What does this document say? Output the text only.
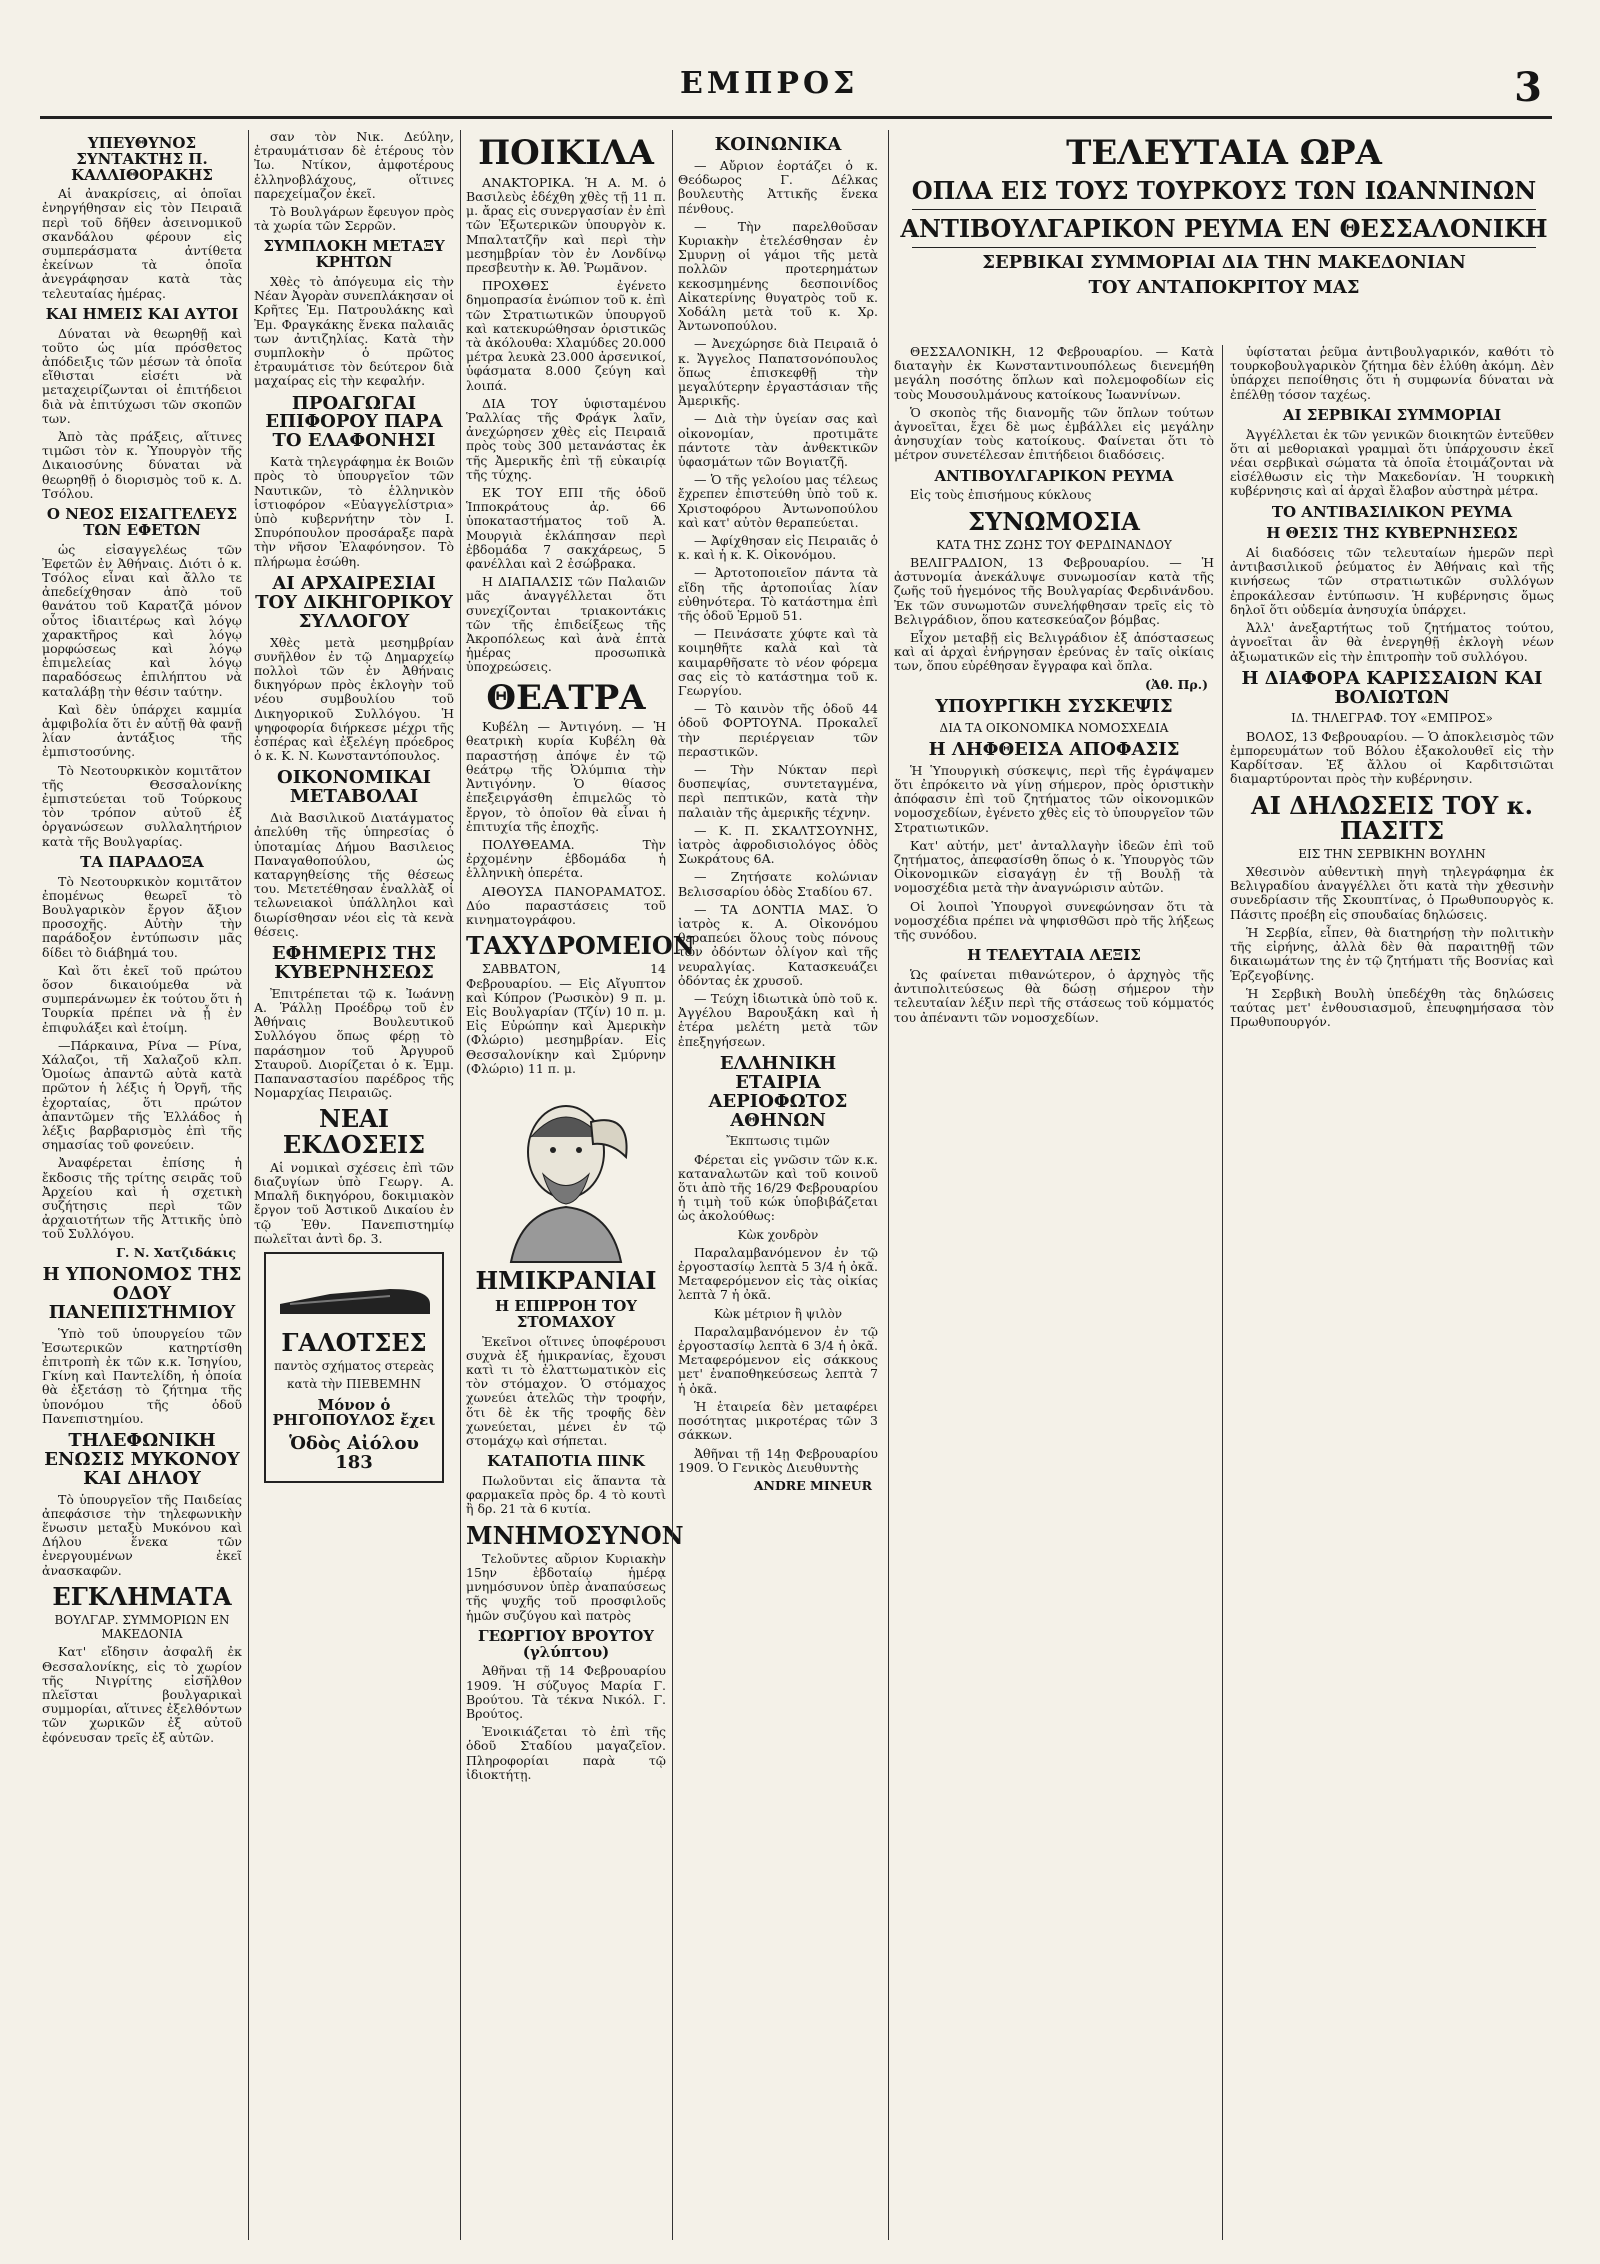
ΕΜΠΡΟΣ	3
ΥΠΕΥΘΥΝΟΣ ΣΥΝΤΑΚΤΗΣ Π. ΚΑΛΛΙΘΟΡΑΚΗΣ

Αἱ ἀνακρίσεις, αἱ ὁποῖαι ἐνηργήθησαν εἰς τὸν Πειραιᾶ περὶ τοῦ δῆθεν ἀσεινομικοῦ σκανδάλου φέρουν εἰς συμπεράσματα ἀντίθετα ἐκείνων τὰ ὁποῖα ἀνεγράφησαν κατὰ τὰς τελευταίας ἡμέρας.

ΚΑΙ ΗΜΕΙΣ ΚΑΙ ΑΥΤΟΙ

Δύναται νὰ θεωρηθῇ καὶ τοῦτο ὡς μία πρόσθετος ἀπόδειξις τῶν μέσων τὰ ὁποῖα εἴθισται εἰσέτι νὰ μεταχειρίζωνται οἱ ἐπιτήδειοι διὰ νὰ ἐπιτύχωσι τῶν σκοπῶν των.

Ἀπὸ τὰς πράξεις, αἵτινες τιμῶσι τὸν κ. Ὑπουργὸν τῆς Δικαιοσύνης δύναται νὰ θεωρηθῇ ὁ διορισμὸς τοῦ κ. Δ. Τσόλου.

Ο ΝΕΟΣ ΕΙΣΑΓΓΕΛΕΥΣ ΤΩΝ ΕΦΕΤΩΝ

ὡς εἰσαγγελέως τῶν Ἐφετῶν ἐν Ἀθήναις. Διότι ὁ κ. Τσόλος εἶναι καὶ ἄλλο τε ἀπεδείχθησαν ἀπὸ τοῦ θανάτου τοῦ Καρατζᾶ μόνον οὗτος ἰδιαιτέρως καὶ λόγῳ χαρακτῆρος καὶ λόγῳ μορφώσεως καὶ λόγῳ ἐπιμελείας καὶ λόγῳ παραδόσεως ἐπιλήπτου νὰ καταλάβῃ τὴν θέσιν ταύτην.

Καὶ δὲν ὑπάρχει καμμία ἀμφιβολία ὅτι ἐν αὐτῇ θὰ φανῇ λίαν ἀντάξιος τῆς ἐμπιστοσύνης.

Τὸ Νεοτουρκικὸν κομιτᾶτον τῆς Θεσσαλονίκης ἐμπιστεύεται τοῦ Τούρκους τὸν τρόπον αὐτοῦ ἐξ ὀργανώσεων συλλαλητήριον κατὰ τῆς Βουλγαρίας.

ΤΑ ΠΑΡΑΔΟΞΑ

Τὸ Νεοτουρκικὸν κομιτᾶτον ἐπομένως θεωρεῖ τὸ Βουλγαρικὸν ἔργον ἄξιον προσοχῆς. Αὐτὴν τὴν παράδοξον ἐντύπωσιν μᾶς δίδει τὸ διάβημά του.

Καὶ ὅτι ἐκεῖ τοῦ πρώτου ὅσον δικαιούμεθα νὰ συμπεράνωμεν ἐκ τούτου ὅτι ἡ Τουρκία πρέπει νὰ ᾖ ἐν ἐπιφυλάξει καὶ ἑτοίμη.

—Πάρκαινα, Ρίνα — Ρίνα, Χάλαζοι, τῆ Χαλαζοῦ κλπ. Ὁμοίως ἀπαντῶ αὐτὰ κατὰ πρῶτον ἡ λέξις ἡ Ὀργῆ, τῆς ἐχορταίας, ὅτι πρώτον ἀπαντῶμεν τῆς Ἑλλάδος ἡ λέξις βαρβαρισμὸς ἐπὶ τῆς σημασίας τοῦ φονεύειν.

Ἀναφέρεται ἐπίσης ἡ ἔκδοσις τῆς τρίτης σειρᾶς τοῦ Ἀρχείου καὶ ἡ σχετικὴ συζήτησις περὶ τῶν ἀρχαιοτήτων τῆς Ἀττικῆς ὑπὸ τοῦ Συλλόγου.

Γ. Ν. Χατζιδάκις
Η ΥΠΟΝΟΜΟΣ ΤΗΣ ΟΔΟΥ ΠΑΝΕΠΙΣΤΗΜΙΟΥ

Ὑπὸ τοῦ ὑπουργείου τῶν Ἐσωτερικῶν κατηρτίσθη ἐπιτροπὴ ἐκ τῶν κ.κ. Ἰσηγίου, Γκίνη καὶ Παντελίδη, ἡ ὁποία θὰ ἐξετάσῃ τὸ ζήτημα τῆς ὑπονόμου τῆς ὁδοῦ Πανεπιστημίου.

ΤΗΛΕΦΩΝΙΚΗ ΕΝΩΣΙΣ ΜΥΚΟΝΟΥ ΚΑΙ ΔΗΛΟΥ

Τὸ ὑπουργεῖον τῆς Παιδείας ἀπεφάσισε τὴν τηλεφωνικὴν ἕνωσιν μεταξὺ Μυκόνου καὶ Δήλου ἕνεκα τῶν ἐνεργουμένων ἐκεῖ ἀνασκαφῶν.

ΕΓΚΛΗΜΑΤΑ
ΒΟΥΛΓΑΡ. ΣΥΜΜΟΡΙΩΝ ΕΝ ΜΑΚΕΔΟΝΙΑ

Κατ' εἴδησιν ἀσφαλῆ ἐκ Θεσσαλονίκης, εἰς τὸ χωρίον τῆς Νιγρίτης εἰσῆλθον πλεῖσται βουλγαρικαὶ συμμορίαι, αἵτινες ἐξελθόντων τῶν χωρικῶν ἐξ αὐτοῦ ἐφόνευσαν τρεῖς ἐξ αὐτῶν.

σαν τὸν Νικ. Δεύλην, ἐτραυμάτισαν δὲ ἑτέρους τὸν Ἰω. Ντίκον, ἀμφοτέρους ἑλληνοβλάχους, οἵτινες παρεχείμαζον ἐκεῖ.

Τὸ Βουλγάρων ἔφευγον πρὸς τὰ χωρία τῶν Σερρῶν.

ΣΥΜΠΛΟΚΗ ΜΕΤΑΞΥ ΚΡΗΤΩΝ

Χθὲς τὸ ἀπόγευμα εἰς τὴν Νέαν Ἀγορὰν συνεπλάκησαν οἱ Κρῆτες Ἐμ. Πατρουλάκης καὶ Ἐμ. Φραγκάκης ἕνεκα παλαιᾶς των ἀντιζηλίας. Κατὰ τὴν συμπλοκὴν ὁ πρῶτος ἐτραυμάτισε τὸν δεύτερον διὰ μαχαίρας εἰς τὴν κεφαλήν.

ΠΡΟΑΓΩΓΑΙ ΕΠΙΦΟΡΟΥ ΠΑΡΑ ΤΟ ΕΛΑΦΟΝΗΣΙ

Κατὰ τηλεγράφημα ἐκ Βοιῶν πρὸς τὸ ὑπουργεῖον τῶν Ναυτικῶν, τὸ ἑλληνικὸν ἱστιοφόρον «Εὐαγγελίστρια» ὑπὸ κυβερνήτην τὸν Ι. Σπυρόπουλον προσάραξε παρὰ τὴν νῆσον Ἐλαφόνησον. Τὸ πλήρωμα ἐσώθη.

ΑΙ ΑΡΧΑΙΡΕΣΙΑΙ ΤΟΥ ΔΙΚΗΓΟΡΙΚΟΥ ΣΥΛΛΟΓΟΥ

Χθὲς μετὰ μεσημβρίαν συνῆλθον ἐν τῷ Δημαρχείῳ πολλοὶ τῶν ἐν Ἀθήναις δικηγόρων πρὸς ἐκλογὴν τοῦ νέου συμβουλίου τοῦ Δικηγορικοῦ Συλλόγου. Ἡ ψηφοφορία διήρκεσε μέχρι τῆς ἑσπέρας καὶ ἐξελέγη πρόεδρος ὁ κ. Κ. Ν. Κωνσταντόπουλος.

ΟΙΚΟΝΟΜΙΚΑΙ ΜΕΤΑΒΟΛΑΙ

Διὰ Βασιλικοῦ Διατάγματος ἀπελύθη τῆς ὑπηρεσίας ὁ ὑποταμίας Δήμου Βασιλειος Παναγαθοπούλου, ὡς καταργηθείσης τῆς θέσεως του. Μετετέθησαν ἐναλλὰξ οἱ τελωνειακοὶ ὑπάλληλοι καὶ διωρίσθησαν νέοι εἰς τὰ κενὰ θέσεις.

ΕΦΗΜΕΡΙΣ ΤΗΣ ΚΥΒΕΡΝΗΣΕΩΣ

Ἐπιτρέπεται τῷ κ. Ἰωάννῃ Α. Ῥάλλῃ Προέδρῳ τοῦ ἐν Ἀθήναις Βουλευτικοῦ Συλλόγου ὅπως φέρῃ τὸ παράσημον τοῦ Ἀργυροῦ Σταυροῦ. Διορίζεται ὁ κ. Ἐμμ. Παπαναστασίου παρέδρος τῆς Νομαρχίας Πειραιῶς.

ΝΕΑΙ ΕΚΔΟΣΕΙΣ

Αἱ νομικαὶ σχέσεις ἐπὶ τῶν διαζυγίων ὑπὸ Γεωργ. Α. Μπαλῆ δικηγόρου, δοκιμιακὸν ἔργον τοῦ Ἀστικοῦ Δικαίου ἐν τῷ Ἐθν. Πανεπιστημίῳ πωλεῖται ἀντὶ δρ. 3.

ΓΑΛΟΤΣΕΣ
παντὸς σχήματος στερεὰς
κατὰ τὴν ΠΙΕΒΕΜΗΝ
Μόνον ὁ ΡΗΓΟΠΟΥΛΟΣ ἔχει
Ὁδὸς Αἰόλου 183
ΠΟΙΚΙΛΑ

ΑΝΑΚΤΟΡΙΚΑ. Ἡ Α. Μ. ὁ Βασιλεὺς ἐδέχθη χθὲς τῇ 11 π. μ. ἄρας εἰς συνεργασίαν ἐν ἐπὶ τῶν Ἐξωτερικῶν ὑπουργὸν κ. Μπαλτατζῆν καὶ περὶ τὴν μεσημβρίαν τὸν ἐν Λονδίνῳ πρεσβευτὴν κ. Ἀθ. Ῥωμᾶνον.

ΠΡΟΧΘΕΣ ἐγένετο δημοπρασία ἐνώπιον τοῦ κ. ἐπὶ τῶν Στρατιωτικῶν ὑπουργοῦ καὶ κατεκυρώθησαν ὁριστικῶς τὰ ἀκόλουθα: Χλαμύδες 20.000 μέτρα λευκὰ 23.000 ἀρσενικοί, ὑφάσματα 8.000 ζεύγη καὶ λοιπά.

ΔΙΑ ΤΟΥ ὑφισταμένου Ῥαλλίας τῆς Φράγκ λαῖν, ἀνεχώρησεν χθὲς εἰς Πειραιᾶ πρὸς τοὺς 300 μετανάστας ἐκ τῆς Ἀμερικῆς ἐπὶ τῇ εὐκαιρίᾳ τῆς τύχης.

ΕΚ ΤΟΥ ΕΠΙ τῆς ὁδοῦ Ἱπποκράτους ἀρ. 66 ὑποκαταστήματος τοῦ Ἀ. Μουργιὰ ἐκλάπησαν περὶ ἑβδομάδα 7 σακχάρεως, 5 φανέλλαι καὶ 2 ἐσώβρακα.

Η ΔΙΑΠΑΛΣΙΣ τῶν Παλαιῶν μᾶς ἀναγγέλλεται ὅτι συνεχίζονται τριακοντάκις τῶν τῆς ἐπιδείξεως τῆς Ἀκροπόλεως καὶ ἀνὰ ἑπτὰ ἡμέρας προσωπικὰ ὑποχρεώσεις.

ΘΕΑΤΡΑ

Κυβέλη — Ἀντιγόνη. — Ἡ θεατρικὴ κυρία Κυβέλη θὰ παραστήσῃ ἀπόψε ἐν τῷ θεάτρῳ τῆς Ὀλύμπια τὴν Ἀντιγόνην. Ὁ θίασος ἐπεξειργάσθη ἐπιμελῶς τὸ ἔργον, τὸ ὁποῖον θὰ εἶναι ἡ ἐπιτυχία τῆς ἐποχῆς.

ΠΟΛΥΘΕΑΜΑ. Τὴν ἐρχομένην ἑβδομάδα ἡ ἑλληνικὴ ὁπερέτα.

ΑΙΘΟΥΣΑ ΠΑΝΟΡΑΜΑΤΟΣ. Δύο παραστάσεις τοῦ κινηματογράφου.

ΤΑΧΥΔΡΟΜΕΙΟΝ

ΣΑΒΒΑΤΟΝ, 14 Φεβρουαρίου. — Εἰς Αἴγυπτον καὶ Κύπρον (Ῥωσικὸν) 9 π. μ. Εἰς Βουλγαρίαν (Τζίν) 10 π. μ. Εἰς Εὐρώπην καὶ Ἀμερικὴν (Φλώριο) μεσημβρίαν. Εἰς Θεσσαλονίκην καὶ Σμύρνην (Φλώριο) 11 π. μ.

ΗΜΙΚΡΑΝΙΑΙ
Η ΕΠΙΡΡΟΗ ΤΟΥ ΣΤΟΜΑΧΟΥ

Ἐκεῖνοι οἵτινες ὑποφέρουσι συχνὰ ἐξ ἡμικρανίας, ἔχουσι κατὶ τι τὸ ἐλαττωματικὸν εἰς τὸν στόμαχον. Ὁ στόμαχος χωνεύει ἀτελῶς τὴν τροφήν, ὅτι δὲ ἐκ τῆς τροφῆς δὲν χωνεύεται, μένει ἐν τῷ στομάχῳ καὶ σήπεται.

ΚΑΤΑΠΟΤΙΑ ΠΙΝΚ

Πωλοῦνται εἰς ἅπαντα τὰ φαρμακεῖα πρὸς δρ. 4 τὸ κουτὶ ἢ δρ. 21 τὰ 6 κυτία.

ΜΝΗΜΟΣΥΝΟΝ

Τελοῦντες αὔριον Κυριακὴν 15ην ἐβδοταίῳ ἡμέρᾳ μνημόσυνον ὑπὲρ ἀναπαύσεως τῆς ψυχῆς τοῦ προσφιλοῦς ἡμῶν συζύγου καὶ πατρὸς

ΓΕΩΡΓΙΟΥ ΒΡΟΥΤΟΥ (γλύπτου)

Ἀθῆναι τῇ 14 Φεβρουαρίου 1909. Ἡ σύζυγος Μαρία Γ. Βρούτου. Τὰ τέκνα Νικόλ. Γ. Βρούτος.

Ἐνοικιάζεται τὸ ἐπὶ τῆς ὁδοῦ Σταδίου μαγαζεῖον. Πληροφορίαι παρὰ τῷ ἰδιοκτήτῃ.

ΚΟΙΝΩΝΙΚΑ

— Αὔριον ἑορτάζει ὁ κ. Θεόδωρος Γ. Δέλκας βουλευτὴς Ἀττικῆς ἕνεκα πένθους.

— Τὴν παρελθοῦσαν Κυριακὴν ἐτελέσθησαν ἐν Σμυρνῃ οἱ γάμοι τῆς μετὰ πολλῶν προτερημάτων κεκοσμημένης δεσποινίδος Αἰκατερίνης θυγατρὸς τοῦ κ. Χοδάλη μετὰ τοῦ κ. Χρ. Ἀντωνοπούλου.

— Ἀνεχώρησε διὰ Πειραιᾶ ὁ κ. Ἄγγελος Παπατσονόπουλος ὅπως ἐπισκεφθῇ τὴν μεγαλύτερην ἐργαστάσιαν τῆς Ἀμερικῆς.

— Διὰ τὴν ὑγείαν σας καὶ οἰκονομίαν, προτιμᾶτε πάντοτε τὰν ἀνθεκτικῶν ὑφασμάτων τῶν Βογιατζῆ.

— Ὁ τῆς γελοίου μας τέλεως ἔχρεπεν ἐπιστεύθη ὑπὸ τοῦ κ. Χριστοφόρου Ἀντωνοπούλου καὶ κατ' αὐτὸν θεραπεύεται.

— Ἀφίχθησαν εἰς Πειραιᾶς ὁ κ. καὶ ἡ κ. Κ. Οἰκονόμου.

— Ἀρτοτοποιεῖον πάντα τὰ εἴδη τῆς ἀρτοποιΐας λίαν εὐθηνότερα. Τὸ κατάστημα ἐπὶ τῆς ὁδοῦ Ἑρμοῦ 51.

— Πεινάσατε χύφτε καὶ τὰ κοιμηθῆτε καλὰ καὶ τὰ καιμαρθῆσατε τὸ νέον φόρεμα σας εἰς τὸ κατάστημα τοῦ κ. Γεωργίου.

— Τὸ καινὸν τῆς ὁδοῦ 44 ὁδοῦ ΦΟΡΤΟΥΝΑ. Προκαλεῖ τὴν περιέργειαν τῶν περαστικῶν.

— Τὴν Νύκταν περὶ δυσπεψίας, συντεταγμένα, περὶ πεπτικῶν, κατὰ τὴν παλαιὰν τῆς ἀμερικῆς τέχνην.

— Κ. Π. ΣΚΑΛΤΣΟΥΝΗΣ, ἰατρὸς ἀφροδισιολόγος ὁδὸς Σωκράτους 6Α.

— Ζητήσατε κολώνιαν Βελισσαρίου ὁδὸς Σταδίου 67.

— ΤΑ ΔΟΝΤΙΑ ΜΑΣ. Ὁ ἰατρὸς κ. Α. Οἰκονόμου θεραπεύει ὅλους τοὺς πόνους τῶν ὀδόντων ὀλίγον καὶ τῆς νευραλγίας. Κατασκευάζει ὀδόντας ἐκ χρυσοῦ.

— Τεύχη ἰδιωτικὰ ὑπὸ τοῦ κ. Ἀγγέλου Βαρουξάκη καὶ ἡ ἑτέρα μελέτη μετὰ τῶν ἐπεξηγήσεων.

ΕΛΛΗΝΙΚΗ ΕΤΑΙΡΙΑ ΑΕΡΙΟΦΩΤΟΣ ΑΘΗΝΩΝ
Ἔκπτωσις τιμῶν

Φέρεται εἰς γνῶσιν τῶν κ.κ. καταναλωτῶν καὶ τοῦ κοινοῦ ὅτι ἀπὸ τῆς 16/29 Φεβρουαρίου ἡ τιμὴ τοῦ κώκ ὑποβιβάζεται ὡς ἀκολούθως:

Κὼκ χονδρὸν

Παραλαμβανόμενον ἐν τῷ ἐργοστασίῳ λεπτὰ 5 3/4 ἡ ὀκᾶ. Μεταφερόμενον εἰς τὰς οἰκίας λεπτὰ 7 ἡ ὀκᾶ.

Κὼκ μέτριον ἢ ψιλὸν

Παραλαμβανόμενον ἐν τῷ ἐργοστασίῳ λεπτὰ 6 3/4 ἡ ὀκᾶ. Μεταφερόμενον εἰς σάκκους μετ' ἐναποθηκεύσεως λεπτὰ 7 ἡ ὀκᾶ.

Ἡ ἑταιρεία δὲν μεταφέρει ποσότητας μικροτέρας τῶν 3 σάκκων.

Ἀθῆναι τῇ 14ῃ Φεβρουαρίου 1909. Ὁ Γενικὸς Διευθυντὴς

ANDRE MINEUR
ΤΕΛΕΥΤΑΙΑ ΩΡΑ
ΟΠΛΑ ΕΙΣ ΤΟΥΣ ΤΟΥΡΚΟΥΣ ΤΩΝ ΙΩΑΝΝΙΝΩΝ
ΑΝΤΙΒΟΥΛΓΑΡΙΚΟΝ ΡΕΥΜΑ ΕΝ ΘΕΣΣΑΛΟΝΙΚΗ
ΣΕΡΒΙΚΑΙ ΣΥΜΜΟΡΙΑΙ ΔΙΑ ΤΗΝ ΜΑΚΕΔΟΝΙΑΝ
ΤΟΥ ΑΝΤΑΠΟΚΡΙΤΟΥ ΜΑΣ

ΘΕΣΣΑΛΟΝΙΚΗ, 12 Φεβρουαρίου. — Κατὰ διαταγὴν ἐκ Κωνσταντινουπόλεως διενεμήθη μεγάλη ποσότης ὅπλων καὶ πολεμοφοδίων εἰς τοὺς Μουσουλμάνους κατοίκους Ἰωαννίνων.

Ὁ σκοπὸς τῆς διανομῆς τῶν ὅπλων τούτων ἀγνοεῖται, ἔχει δὲ μως ἐμβάλλει εἰς μεγάλην ἀνησυχίαν τοὺς κατοίκους. Φαίνεται ὅτι τὸ μέτρον συνετέλεσαν ἐπιτήδειοι διαδόσεις.

ΑΝΤΙΒΟΥΛΓΑΡΙΚΟΝ ΡΕΥΜΑ

Εἰς τοὺς ἐπισήμους κύκλους

ΣΥΝΩΜΟΣΙΑ
ΚΑΤΑ ΤΗΣ ΖΩΗΣ ΤΟΥ ΦΕΡΔΙΝΑΝΔΟΥ

ΒΕΛΙΓΡΑΔΙΟΝ, 13 Φεβρουαρίου. — Ἡ ἀστυνομία ἀνεκάλυψε συνωμοσίαν κατὰ τῆς ζωῆς τοῦ ἡγεμόνος τῆς Βουλγαρίας Φερδινάνδου. Ἐκ τῶν συνωμοτῶν συνελήφθησαν τρεῖς εἰς τὸ Βελιγράδιον, ὅπου κατεσκεύαζον βόμβας.

Εἶχον μεταβῇ εἰς Βελιγράδιον ἐξ ἀπόστασεως καὶ αἱ ἀρχαὶ ἐνήργησαν ἐρεύνας ἐν ταῖς οἰκίαις των, ὅπου εὑρέθησαν ἔγγραφα καὶ ὅπλα.

(Ἀθ. Πρ.)
ΥΠΟΥΡΓΙΚΗ ΣΥΣΚΕΨΙΣ
ΔΙΑ ΤΑ ΟΙΚΟΝΟΜΙΚΑ ΝΟΜΟΣΧΕΔΙΑ
Η ΛΗΦΘΕΙΣΑ ΑΠΟΦΑΣΙΣ

Ἡ Ὑπουργικὴ σύσκεψις, περὶ τῆς ἐγράψαμεν ὅτι ἐπρόκειτο νὰ γίνῃ σήμερον, πρὸς ὁριστικὴν ἀπόφασιν ἐπὶ τοῦ ζητήματος τῶν οἰκονομικῶν νομοσχεδίων, ἐγένετο χθὲς εἰς τὸ ὑπουργεῖον τῶν Στρατιωτικῶν.

Κατ' αὐτήν, μετ' ἀνταλλαγὴν ἰδεῶν ἐπὶ τοῦ ζητήματος, ἀπεφασίσθη ὅπως ὁ κ. Ὑπουργὸς τῶν Οἰκονομικῶν εἰσαγάγῃ ἐν τῇ Βουλῇ τὰ νομοσχέδια μετὰ τὴν ἀναγνώρισιν αὐτῶν.

Οἱ λοιποὶ Ὑπουργοὶ συνεφώνησαν ὅτι τὰ νομοσχέδια πρέπει νὰ ψηφισθῶσι πρὸ τῆς λήξεως τῆς συνόδου.

Η ΤΕΛΕΥΤΑΙΑ ΛΕΞΙΣ

Ὡς φαίνεται πιθανώτερον, ὁ ἀρχηγὸς τῆς ἀντιπολιτεύσεως θὰ δώσῃ σήμερον τὴν τελευταίαν λέξιν περὶ τῆς στάσεως τοῦ κόμματός του ἀπέναντι τῶν νομοσχεδίων.

ὑφίσταται ῥεῦμα ἀντιβουλγαρικόν, καθότι τὸ τουρκοβουλγαρικὸν ζήτημα δὲν ἐλύθη ἀκόμη. Δὲν ὑπάρχει πεποίθησις ὅτι ἡ συμφωνία δύναται νὰ ἐπέλθῃ τόσον ταχέως.

ΑΙ ΣΕΡΒΙΚΑΙ ΣΥΜΜΟΡΙΑΙ

Ἀγγέλλεται ἐκ τῶν γενικῶν διοικητῶν ἐντεῦθεν ὅτι αἱ μεθοριακαὶ γραμμαὶ ὅτι ὑπάρχουσιν ἐκεῖ νέαι σερβικαὶ σώματα τὰ ὁποῖα ἑτοιμάζονται νὰ εἰσέλθωσιν εἰς τὴν Μακεδονίαν. Ἡ τουρκικὴ κυβέρνησις καὶ αἱ ἀρχαὶ ἔλαβον αὐστηρὰ μέτρα.

ΤΟ ΑΝΤΙΒΑΣΙΛΙΚΟΝ ΡΕΥΜΑ
Η ΘΕΣΙΣ ΤΗΣ ΚΥΒΕΡΝΗΣΕΩΣ

Αἱ διαδόσεις τῶν τελευταίων ἡμερῶν περὶ ἀντιβασιλικοῦ ῥεύματος ἐν Ἀθήναις καὶ τῆς κινήσεως τῶν στρατιωτικῶν συλλόγων ἐπροκάλεσαν ἐντύπωσιν. Ἡ κυβέρνησις ὅμως δηλοῖ ὅτι οὐδεμία ἀνησυχία ὑπάρχει.

Ἀλλ' ἀνεξαρτήτως τοῦ ζητήματος τούτου, ἀγνοεῖται ἂν θὰ ἐνεργηθῇ ἐκλογὴ νέων ἀξιωματικῶν εἰς τὴν ἐπιτροπὴν τοῦ συλλόγου.

Η ΔΙΑΦΟΡΑ ΚΑΡΙΣΣΑΙΩΝ ΚΑΙ ΒΟΛΙΩΤΩΝ
ΙΔ. ΤΗΛΕΓΡΑΦ. ΤΟΥ «ΕΜΠΡΟΣ»

ΒΟΛΟΣ, 13 Φεβρουαρίου. — Ὁ ἀποκλεισμὸς τῶν ἐμπορευμάτων τοῦ Βόλου ἐξακολουθεῖ εἰς τὴν Καρδίτσαν. Ἐξ ἄλλου οἱ Καρδιτσιῶται διαμαρτύρονται πρὸς τὴν κυβέρνησιν.

ΑΙ ΔΗΛΩΣΕΙΣ ΤΟΥ κ. ΠΑΣΙΤΣ
ΕΙΣ ΤΗΝ ΣΕΡΒΙΚΗΝ ΒΟΥΛΗΝ

Χθεσινὸν αὐθεντικὴ πηγὴ τηλεγράφημα ἐκ Βελιγραδίου ἀναγγέλλει ὅτι κατὰ τὴν χθεσινὴν συνεδρίασιν τῆς Σκουπτίνας, ὁ Πρωθυπουργὸς κ. Πάσιτς προέβη εἰς σπουδαίας δηλώσεις.

Ἡ Σερβία, εἶπεν, θὰ διατηρήσῃ τὴν πολιτικὴν τῆς εἰρήνης, ἀλλὰ δὲν θὰ παραιτηθῇ τῶν δικαιωμάτων της ἐν τῷ ζητήματι τῆς Βοσνίας καὶ Ἑρζεγοβίνης.

Ἡ Σερβικὴ Βουλὴ ὑπεδέχθη τὰς δηλώσεις ταύτας μετ' ἐνθουσιασμοῦ, ἐπευφημήσασα τὸν Πρωθυπουργόν.
